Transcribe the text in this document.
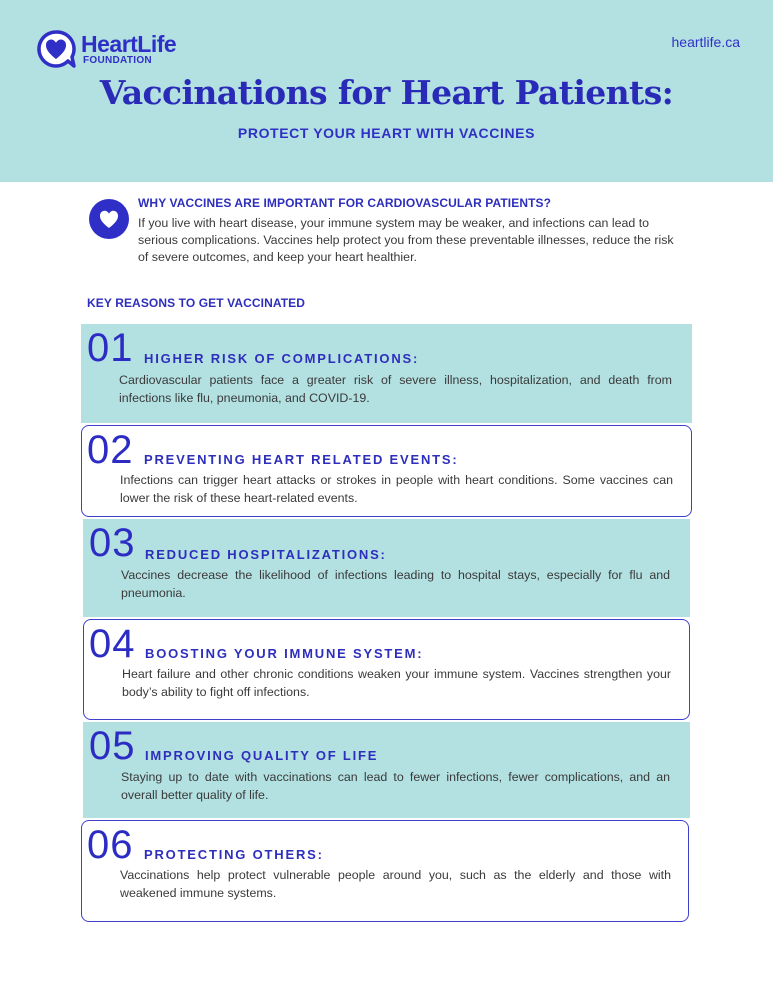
HeartLife
FOUNDATION
heartlife.ca
Vaccinations for Heart Patients:
PROTECT YOUR HEART WITH VACCINES
WHY VACCINES ARE IMPORTANT FOR CARDIOVASCULAR PATIENTS?
If you live with heart disease, your immune system may be weaker, and infections can lead to serious complications. Vaccines help protect you from these preventable illnesses, reduce the risk of severe outcomes, and keep your heart healthier.
KEY REASONS TO GET VACCINATED
01 HIGHER RISK OF COMPLICATIONS:
Cardiovascular patients face a greater risk of severe illness, hospitalization, and death from infections like flu, pneumonia, and COVID-19.
02 PREVENTING HEART RELATED EVENTS:
Infections can trigger heart attacks or strokes in people with heart conditions. Some vaccines can lower the risk of these heart-related events.
03 REDUCED HOSPITALIZATIONS:
Vaccines decrease the likelihood of infections leading to hospital stays, especially for flu and pneumonia.
04 BOOSTING YOUR IMMUNE SYSTEM:
Heart failure and other chronic conditions weaken your immune system. Vaccines strengthen your body’s ability to fight off infections.
05 IMPROVING QUALITY OF LIFE
Staying up to date with vaccinations can lead to fewer infections, fewer complications, and an overall better quality of life.
06 PROTECTING OTHERS:
Vaccinations help protect vulnerable people around you, such as the elderly and those with weakened immune systems.
